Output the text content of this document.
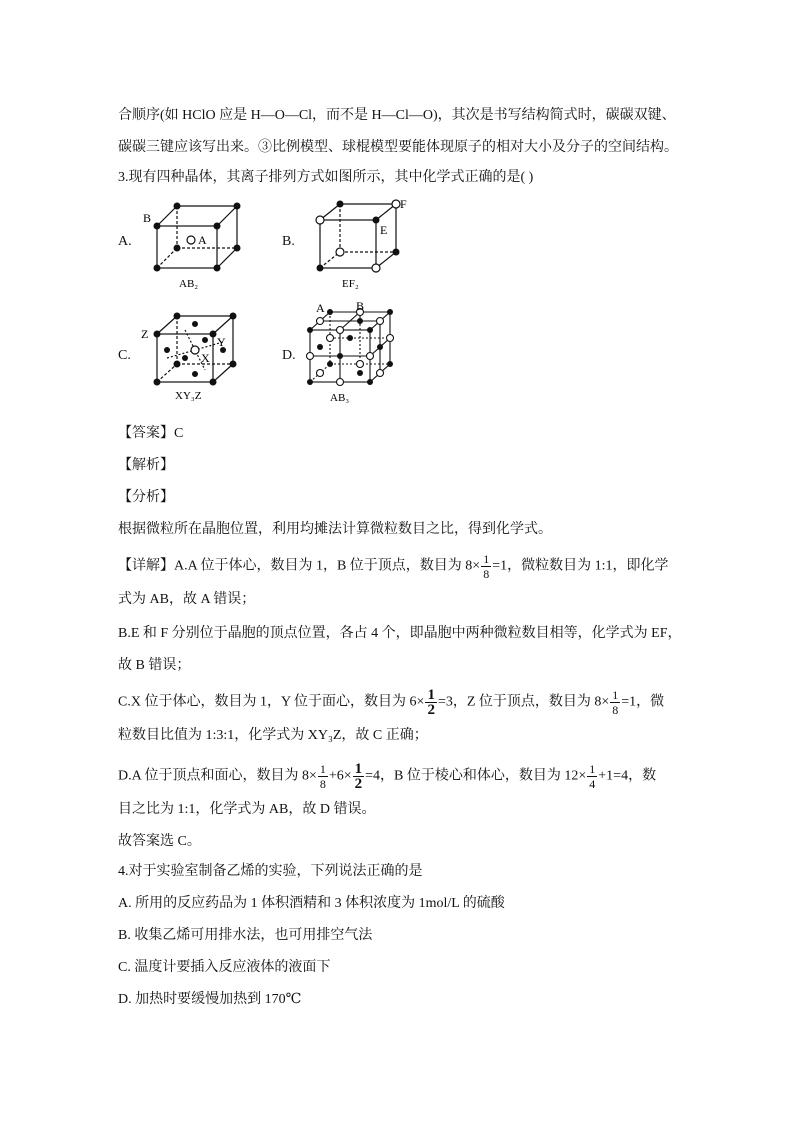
合顺序(如 HClO 应是 H—O—Cl，而不是 H—Cl—O)，其次是书写结构简式时，碳碳双键、
碳碳三键应该写出来。③比例模型、球棍模型要能体现原子的相对大小及分子的空间结构。
3.现有四种晶体，其离子排列方式如图所示，其中化学式正确的是( )
A.	B.
C.	D.
B
A
AB₂
F
E
EF₂
Z
Y
X
XY₃Z
A	B
AB₃
【答案】C
【解析】
【分析】
根据微粒所在晶胞位置，利用均摊法计算微粒数目之比，得到化学式。
【详解】A.A 位于体心，数目为 1，B 位于顶点，数目为 $8\times \frac{1}{8} =1$，微粒数目为 1:1，即化学
式为 AB，故 A 错误；
B.E 和 F 分别位于晶胞的顶点位置，各占 4 个，即晶胞中两种微粒数目相等，化学式为 EF，
故 B 错误；
C.X 位于体心，数目为 1，Y 位于面心，数目为 $6\times \frac{1}{2} =3$，Z 位于顶点，数目为 $8\times \frac{1}{8} =1$，微
粒数目比值为 1:3:1，化学式为 XY₃Z，故 C 正确；
D.A 位于顶点和面心，数目为 $8\times \frac{1}{8} +6\times \frac{1}{2} =4$，B 位于棱心和体心，数目为 $12\times \frac{1}{4} +1=4$，数
目之比为 1:1，化学式为 AB，故 D 错误。
故答案选 C。
4.对于实验室制备乙烯的实验，下列说法正确的是
A. 所用的反应药品为 1 体积酒精和 3 体积浓度为 1mol/L 的硫酸
B. 收集乙烯可用排水法，也可用排空气法
C. 温度计要插入反应液体的液面下
D. 加热时要缓慢加热到 170℃
